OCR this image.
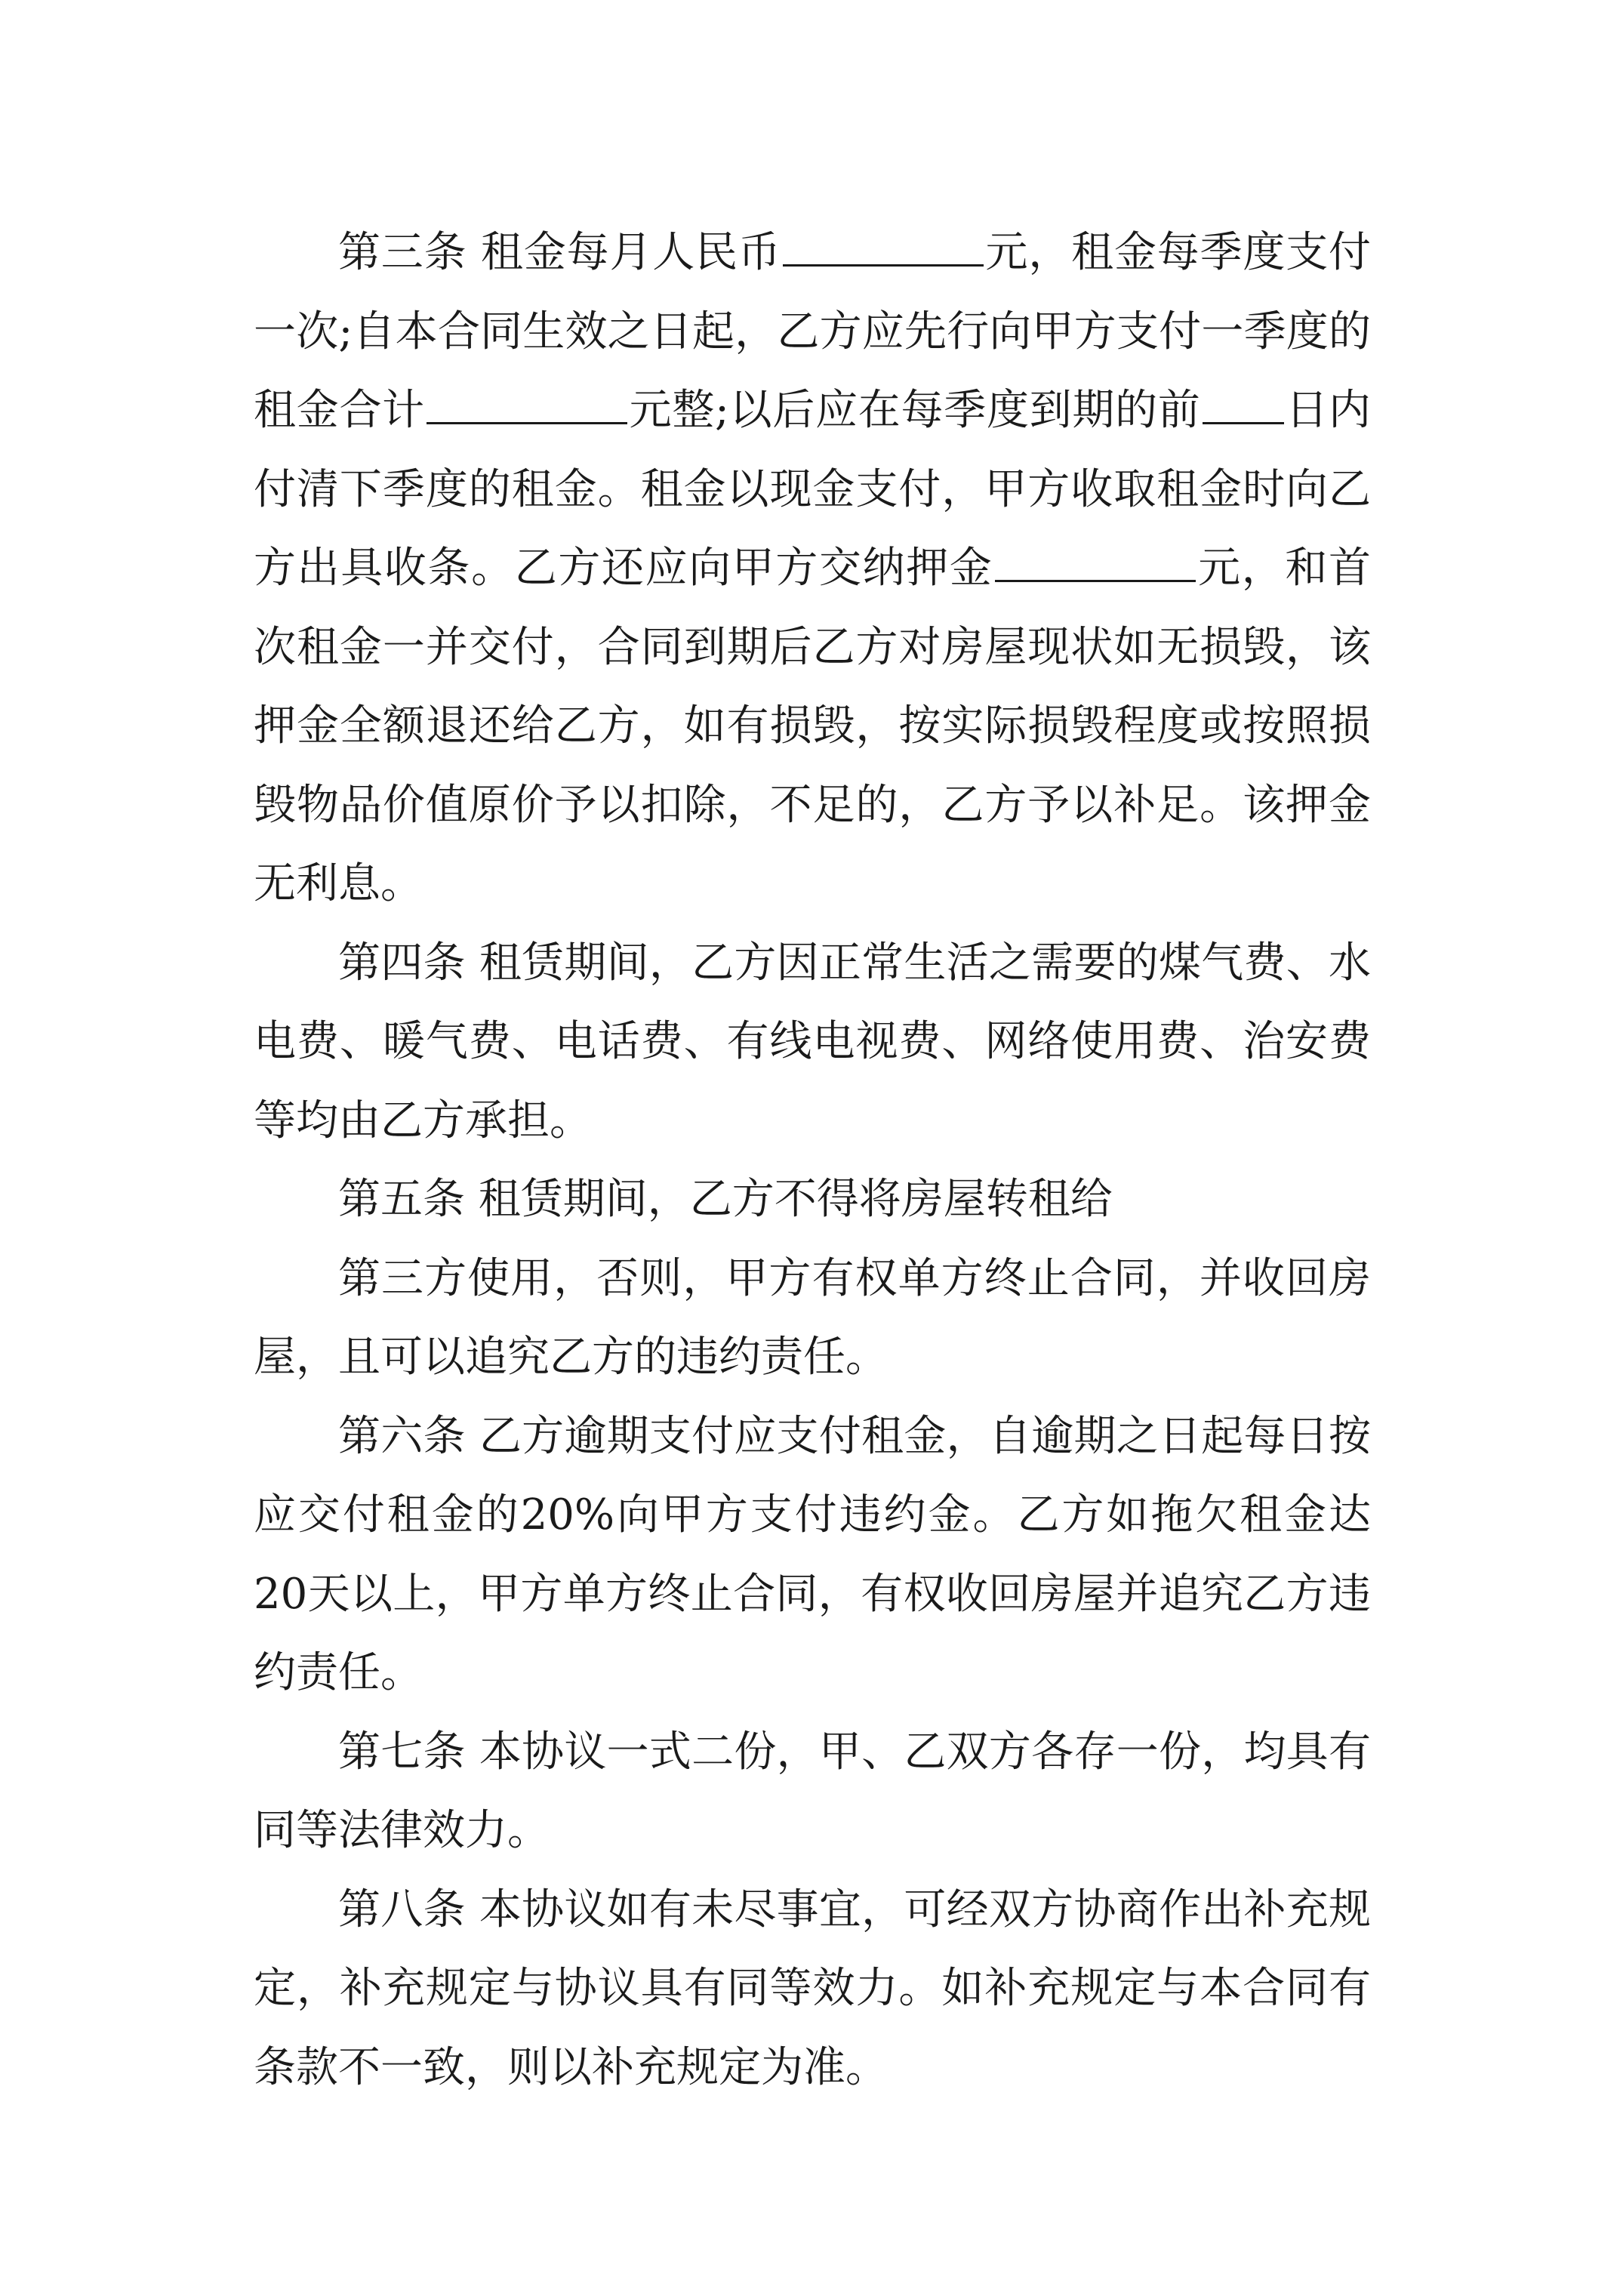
第三条 租金每月人民币	元，租金每季度支付一次;自本合同生效之日起，乙方应先行向甲方支付一季度的租金合计	元整;以后应在每季度到期的前 日内付清下季度的租金。租金以现金支付，甲方收取租金时向乙方出具收条。乙方还应向甲方交纳押金	元，和首次租金一并交付，合同到期后乙方对房屋现状如无损毁，该押金全额退还给乙方，如有损毁，按实际损毁程度或按照损毁物品价值原价予以扣除，不足的，乙方予以补足。该押金无利息。

第四条 租赁期间，乙方因正常生活之需要的煤气费、水电费、暖气费、电话费、有线电视费、网络使用费、治安费等均由乙方承担。

第五条 租赁期间，乙方不得将房屋转租给

第三方使用，否则，甲方有权单方终止合同，并收回房屋，且可以追究乙方的违约责任。

第六条 乙方逾期支付应支付租金，自逾期之日起每日按应交付租金的20%向甲方支付违约金。乙方如拖欠租金达20天以上，甲方单方终止合同，有权收回房屋并追究乙方违约责任。

第七条 本协议一式二份，甲、乙双方各存一份，均具有同等法律效力。

第八条 本协议如有未尽事宜，可经双方协商作出补充规定，补充规定与协议具有同等效力。如补充规定与本合同有条款不一致，则以补充规定为准。
